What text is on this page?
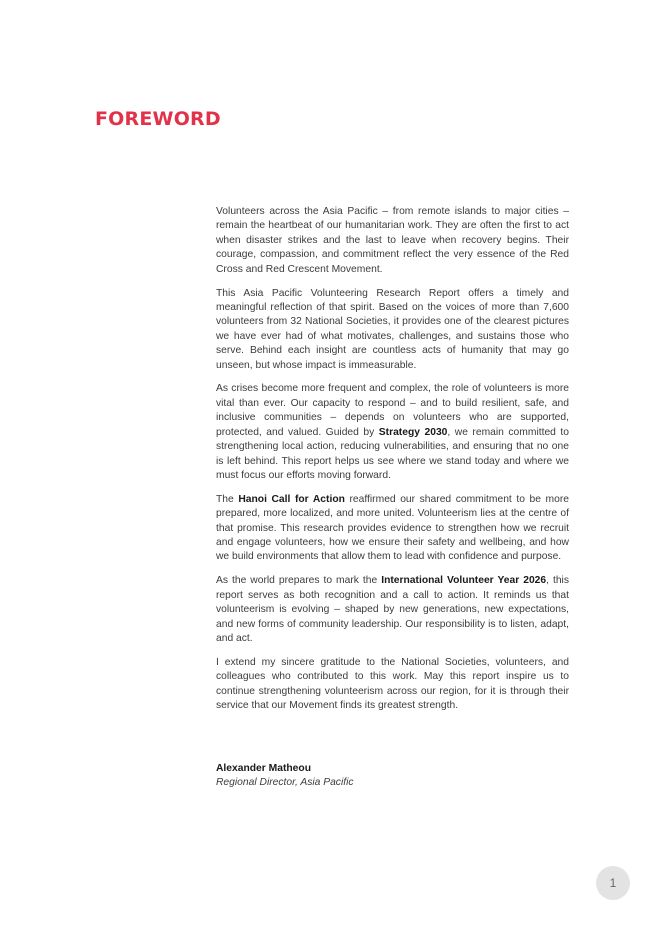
FOREWORD

Volunteers across the Asia Pacific – from remote islands to major cities – remain the heartbeat of our humanitarian work. They are often the first to act when disaster strikes and the last to leave when recovery begins. Their courage, compassion, and commitment reflect the very essence of the Red Cross and Red Crescent Movement.

This Asia Pacific Volunteering Research Report offers a timely and meaningful reflection of that spirit. Based on the voices of more than 7,600 volunteers from 32 National Societies, it provides one of the clearest pictures we have ever had of what motivates, challenges, and sustains those who serve. Behind each insight are countless acts of humanity that may go unseen, but whose impact is immeasurable.

As crises become more frequent and complex, the role of volunteers is more vital than ever. Our capacity to respond – and to build resilient, safe, and inclusive communities – depends on volunteers who are supported, protected, and valued. Guided by Strategy 2030, we remain committed to strengthening local action, reducing vulnerabilities, and ensuring that no one is left behind. This report helps us see where we stand today and where we must focus our efforts moving forward.

The Hanoi Call for Action reaffirmed our shared commitment to be more prepared, more localized, and more united. Volunteerism lies at the centre of that promise. This research provides evidence to strengthen how we recruit and engage volunteers, how we ensure their safety and wellbeing, and how we build environments that allow them to lead with confidence and purpose.

As the world prepares to mark the International Volunteer Year 2026, this report serves as both recognition and a call to action. It reminds us that volunteerism is evolving – shaped by new generations, new expectations, and new forms of community leadership. Our responsibility is to listen, adapt, and act.

I extend my sincere gratitude to the National Societies, volunteers, and colleagues who contributed to this work. May this report inspire us to continue strengthening volunteerism across our region, for it is through their service that our Movement finds its greatest strength.

Alexander Matheou
Regional Director, Asia Pacific
1
